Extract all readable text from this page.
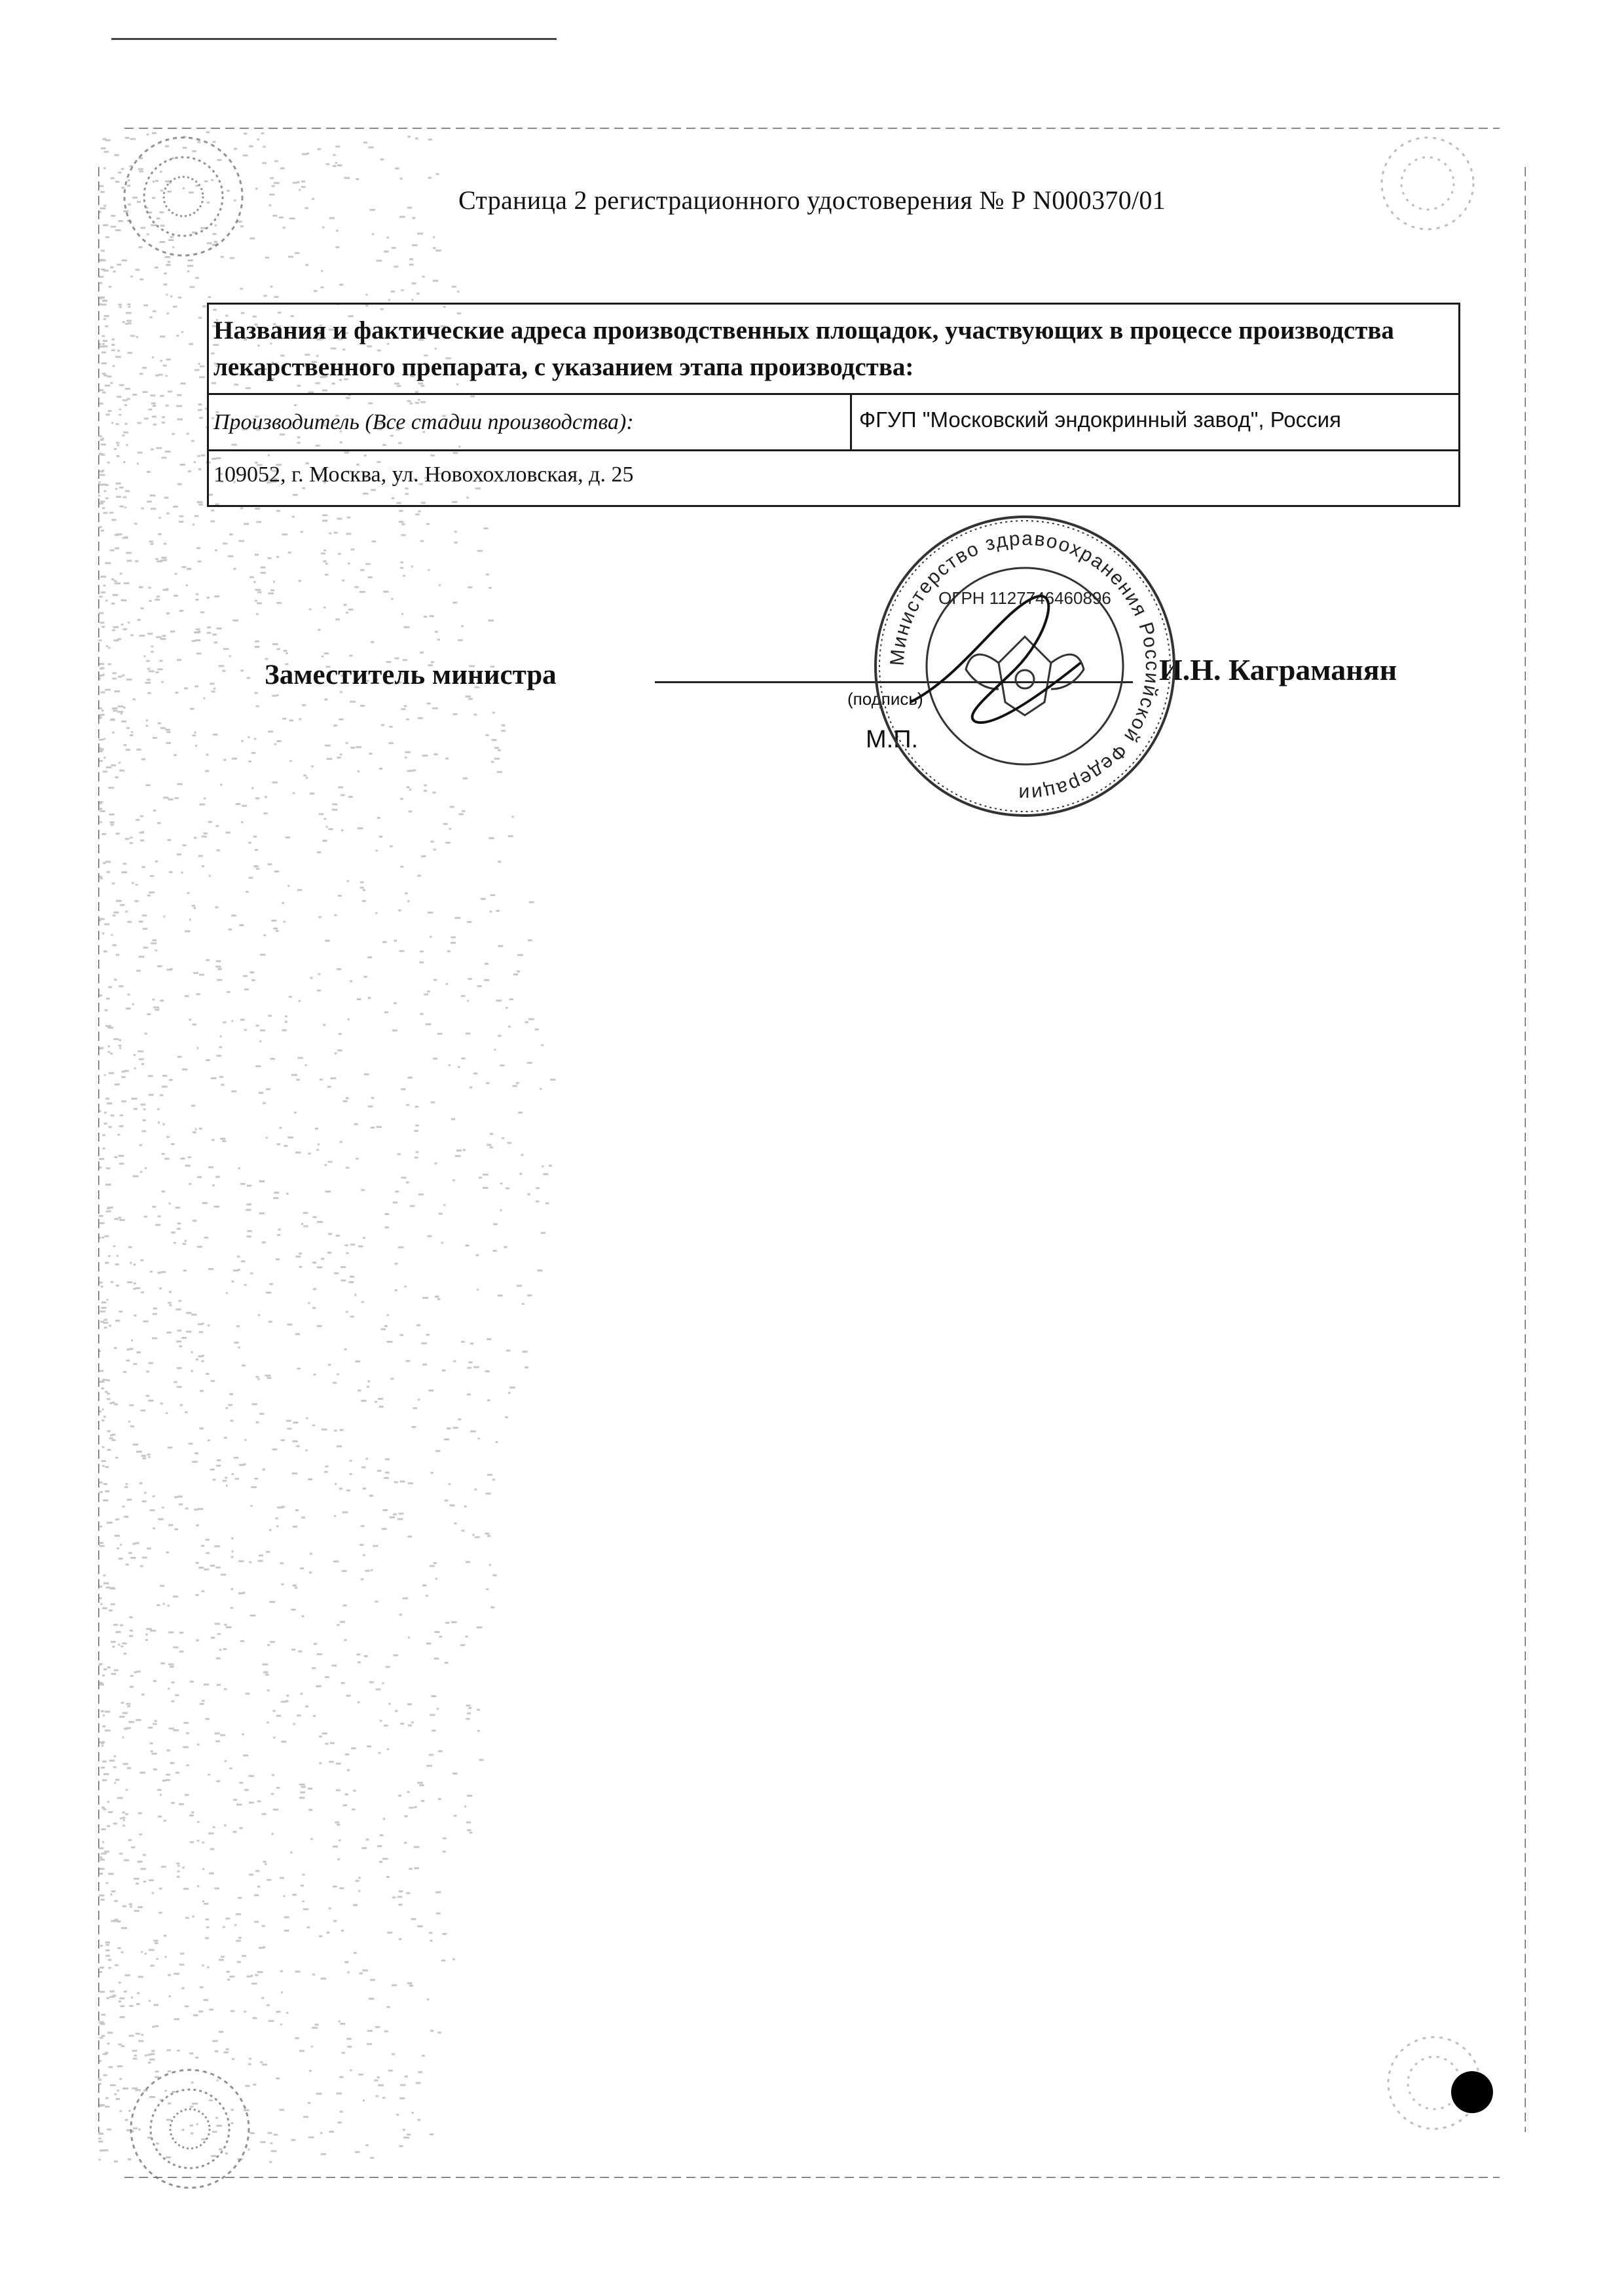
Страница 2 регистрационного удостоверения № Р N000370/01
Названия и фактические адреса производственных площадок, участвующих в процессе производства лекарственного препарата, с указанием этапа производства:
Производитель (Все стадии производства):	ФГУП "Московский эндокринный завод", Россия
109052, г. Москва, ул. Новохохловская, д. 25
Заместитель министра
(подпись)
М.П.
И.Н. Каграманян
Министерство здравоохранения Российской Федерации
ОГРН 1127746460896
